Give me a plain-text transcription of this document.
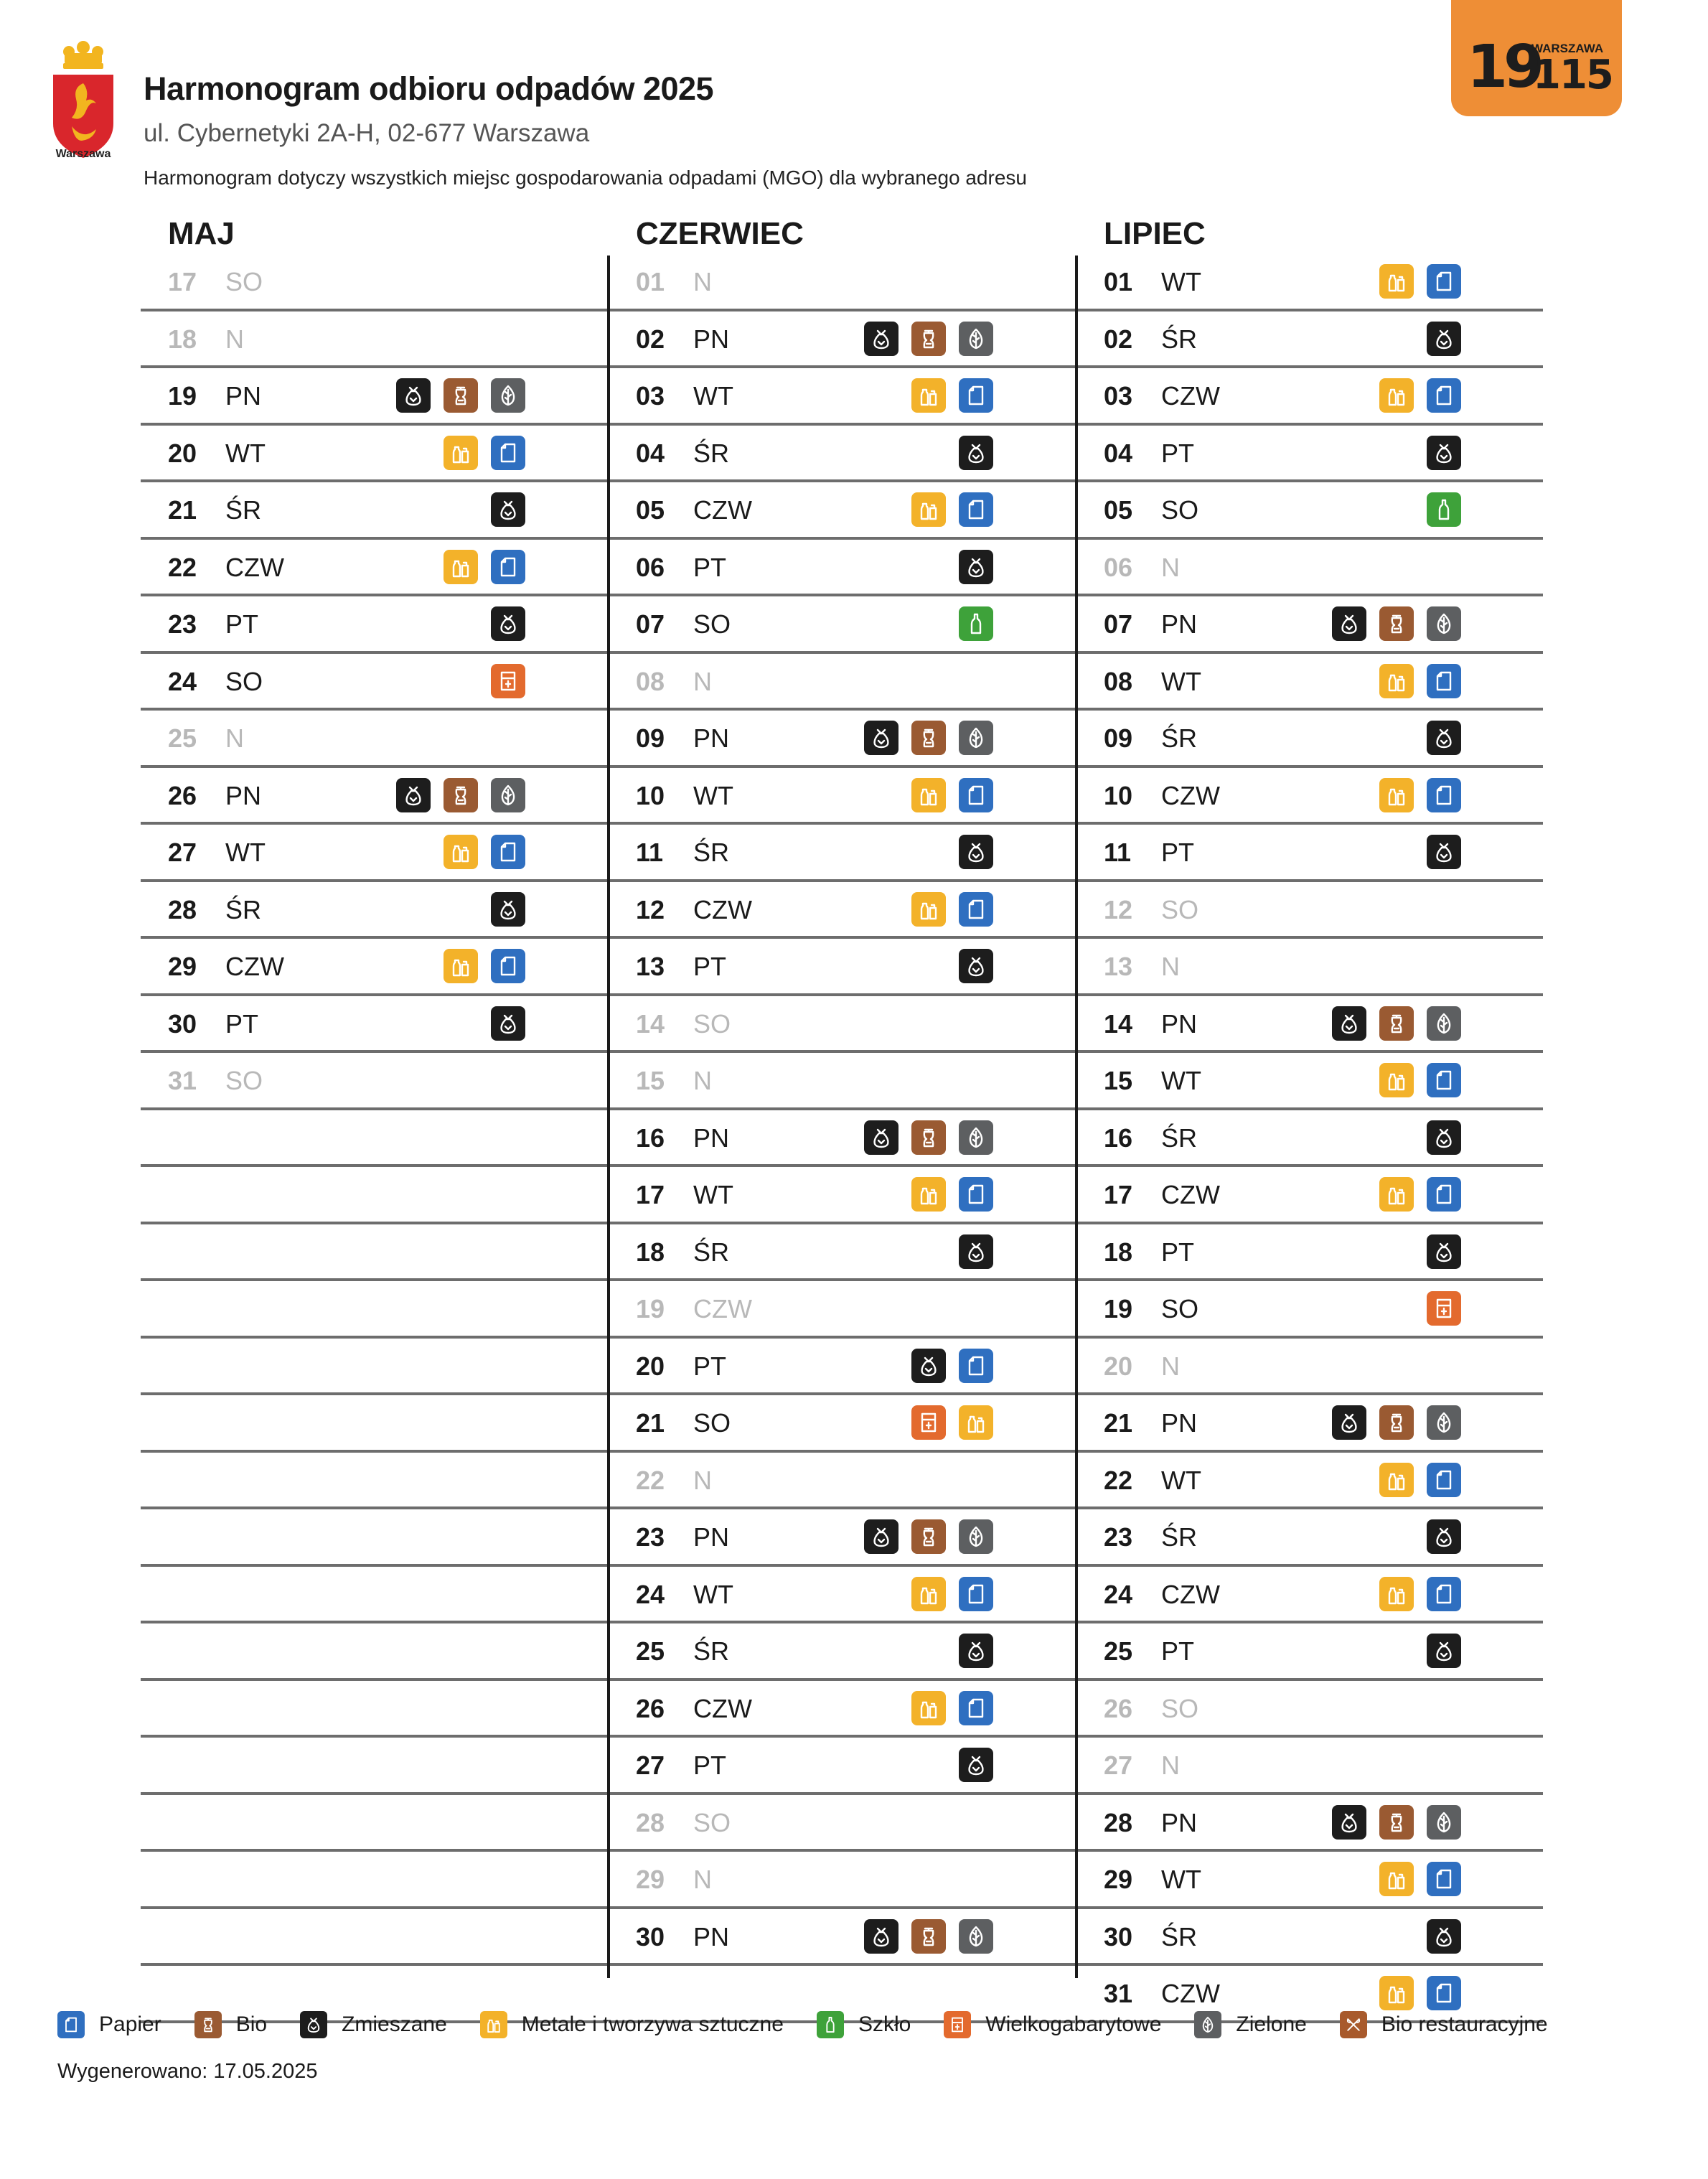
Warszawa
Harmonogram odbioru odpadów 2025
ul. Cybernetyki 2A-H, 02-677 Warszawa
Harmonogram dotyczy wszystkich miejsc gospodarowania odpadami (MGO) dla wybranego adresu
19
WARSZAWA
115
MAJ
17 SO
18 N
19 PN
20 WT
21 ŚR
22 CZW
23 PT
24 SO
25 N
26 PN
27 WT
28 ŚR
29 CZW
30 PT
31 SO
CZERWIEC
01 N
02 PN
03 WT
04 ŚR
05 CZW
06 PT
07 SO
08 N
09 PN
10 WT
11 ŚR
12 CZW
13 PT
14 SO
15 N
16 PN
17 WT
18 ŚR
19 CZW
20 PT
21 SO
22 N
23 PN
24 WT
25 ŚR
26 CZW
27 PT
28 SO
29 N
30 PN
LIPIEC
01 WT
02 ŚR
03 CZW
04 PT
05 SO
06 N
07 PN
08 WT
09 ŚR
10 CZW
11 PT
12 SO
13 N
14 PN
15 WT
16 ŚR
17 CZW
18 PT
19 SO
20 N
21 PN
22 WT
23 ŚR
24 CZW
25 PT
26 SO
27 N
28 PN
29 WT
30 ŚR
31 CZW
Papier	Bio	Zmieszane	Metale i tworzywa sztuczne	Szkło	Wielkogabarytowe	Zielone	Bio restauracyjne
Wygenerowano: 17.05.2025
